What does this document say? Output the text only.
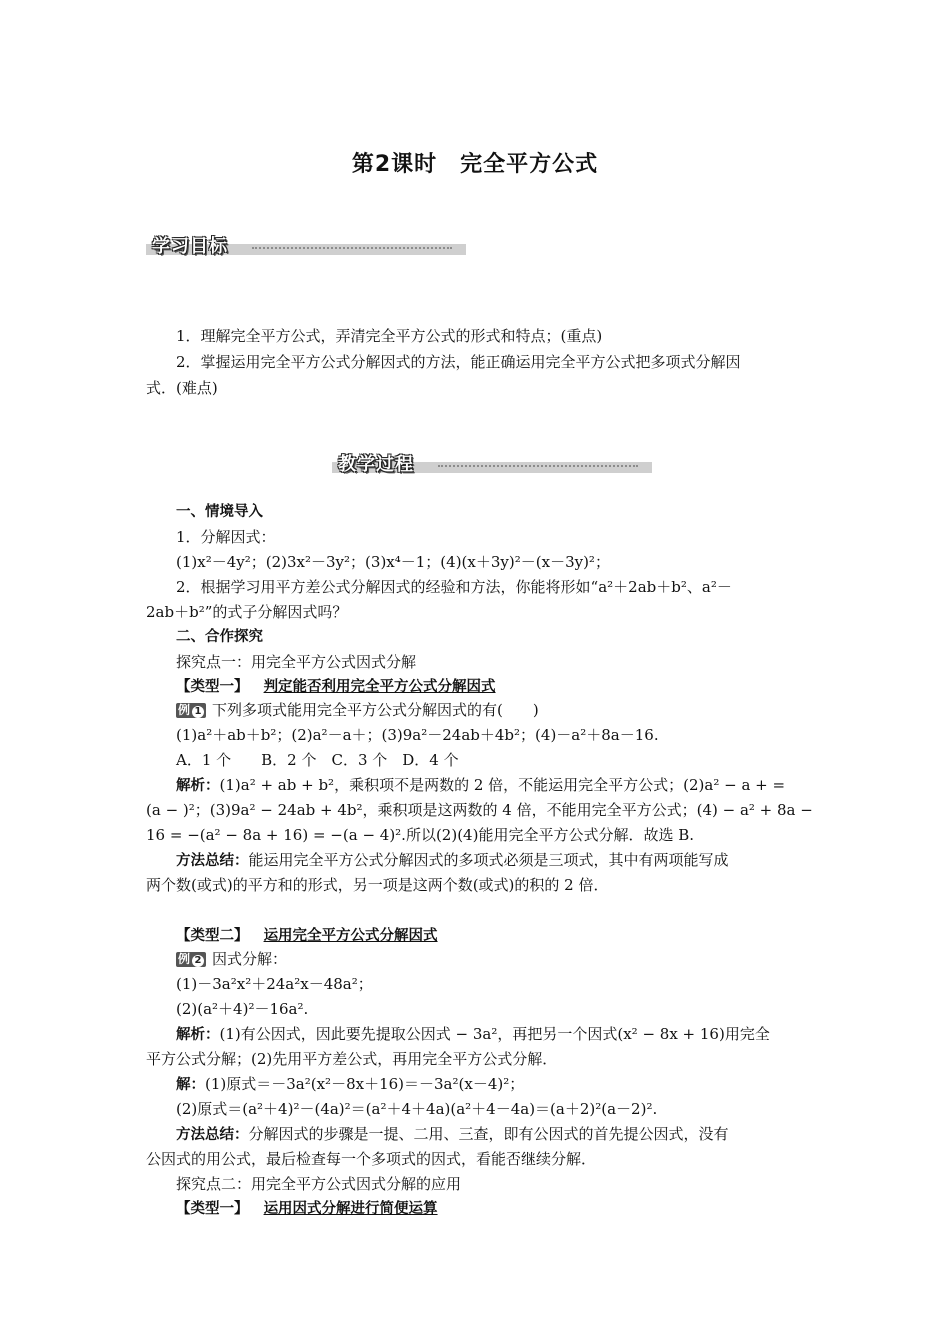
第2课时　完全平方公式
学习目标
1．理解完全平方公式，弄清完全平方公式的形式和特点；(重点)
2．掌握运用完全平方公式分解因式的方法，能正确运用完全平方公式把多项式分解因
式．(难点)
教学过程
一、情境导入
1．分解因式：
(1)x²－4y²；(2)3x²－3y²；(3)x⁴－1；(4)(x＋3y)²－(x－3y)²；
2．根据学习用平方差公式分解因式的经验和方法，你能将形如“a²＋2ab＋b²、a²－
2ab＋b²”的式子分解因式吗？
二、合作探究
探究点一：用完全平方公式因式分解
【类型一】 判定能否利用完全平方公式分解因式
例 1 下列多项式能用完全平方公式分解因式的有(　　)
(1)a²＋ab＋b²；(2)a²－a＋；(3)9a²－24ab＋4b²；(4)－a²＋8a－16.
A．1 个　　B．2 个　C．3 个　D．4 个
解析：(1)a² + ab + b²，乘积项不是两数的 2 倍，不能运用完全平方公式；(2)a² − a + =
(a − )²；(3)9a² − 24ab + 4b²，乘积项是这两数的 4 倍，不能用完全平方公式；(4) − a² + 8a −
16 = −(a² − 8a + 16) = −(a − 4)².所以(2)(4)能用完全平方公式分解．故选 B.
方法总结：能运用完全平方公式分解因式的多项式必须是三项式，其中有两项能写成
两个数(或式)的平方和的形式，另一项是这两个数(或式)的积的 2 倍．
【类型二】 运用完全平方公式分解因式
例 2 因式分解：
(1)－3a²x²＋24a²x－48a²；
(2)(a²＋4)²－16a².
解析：(1)有公因式，因此要先提取公因式 − 3a²，再把另一个因式(x² − 8x + 16)用完全
平方公式分解；(2)先用平方差公式，再用完全平方公式分解．
解：(1)原式＝－3a²(x²－8x＋16)＝－3a²(x－4)²；
(2)原式＝(a²＋4)²－(4a)²＝(a²＋4＋4a)(a²＋4－4a)＝(a＋2)²(a－2)².
方法总结：分解因式的步骤是一提、二用、三查，即有公因式的首先提公因式，没有
公因式的用公式，最后检查每一个多项式的因式，看能否继续分解．
探究点二：用完全平方公式因式分解的应用
【类型一】 运用因式分解进行简便运算
